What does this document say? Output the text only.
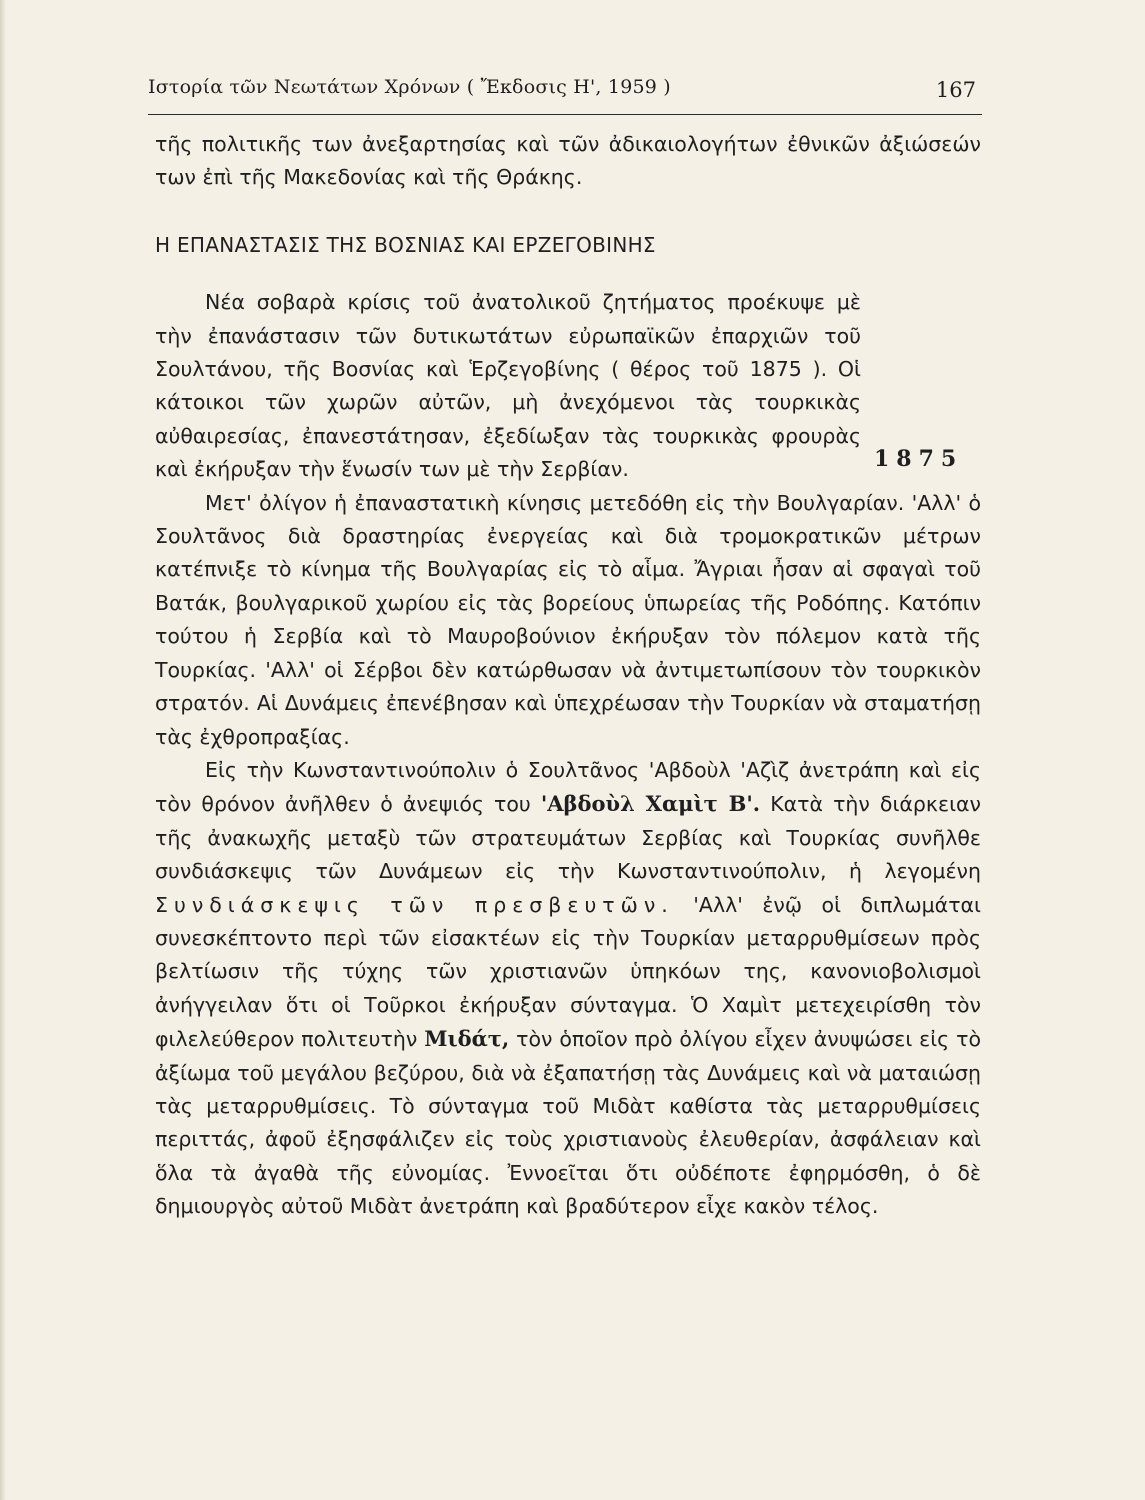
Ιστορία τῶν Νεωτάτων Χρόνων ( Ἔκδοσις Η', 1959 )	167
1875

τῆς πολιτικῆς των ἀνεξαρτησίας καὶ τῶν ἀδικαιολογήτων ἐθνικῶν ἀξιώσεών των ἐπὶ τῆς Μακεδονίας καὶ τῆς Θράκης.

Η ΕΠΑΝΑΣΤΑΣΙΣ ΤΗΣ ΒΟΣΝΙΑΣ ΚΑΙ ΕΡΖΕΓΟΒΙΝΗΣ

Νέα σοβαρὰ κρίσις τοῦ ἀνατολικοῦ ζητήματος προέκυψε μὲ τὴν ἐπανάστασιν τῶν δυτικωτάτων εὐρωπαϊκῶν ἐπαρχιῶν τοῦ Σουλτάνου, τῆς Βοσνίας καὶ Ἑρζεγοβίνης ( θέρος τοῦ 1875 ). Οἱ κάτοικοι τῶν χωρῶν αὐτῶν, μὴ ἀνεχόμενοι τὰς τουρκικὰς αὐθαιρεσίας, ἐπανεστάτησαν, ἐξεδίωξαν τὰς τουρκικὰς φρουρὰς καὶ ἐκήρυξαν τὴν ἕνωσίν των μὲ τὴν Σερβίαν.

Μετ' ὀλίγον ἡ ἐπαναστατικὴ κίνησις μετεδόθη εἰς τὴν Βουλγαρίαν. 'Αλλ' ὁ Σουλτᾶνος διὰ δραστηρίας ἐνεργείας καὶ διὰ τρομοκρατικῶν μέτρων κατέπνιξε τὸ κίνημα τῆς Βουλγαρίας εἰς τὸ αἷμα. Ἄγριαι ἦσαν αἱ σφαγαὶ τοῦ Βατάκ, βουλγαρικοῦ χωρίου εἰς τὰς βορείους ὑπωρείας τῆς Ροδόπης. Κατόπιν τούτου ἡ Σερβία καὶ τὸ Μαυροβούνιον ἐκήρυξαν τὸν πόλεμον κατὰ τῆς Τουρκίας. 'Αλλ' οἱ Σέρβοι δὲν κατώρθωσαν νὰ ἀντιμετωπίσουν τὸν τουρκικὸν στρατόν. Αἱ Δυνάμεις ἐπενέβησαν καὶ ὑπεχρέωσαν τὴν Τουρκίαν νὰ σταματήσῃ τὰς ἐχθροπραξίας.

Εἰς τὴν Κωνσταντινούπολιν ὁ Σουλτᾶνος 'Αβδοὺλ 'Αζὶζ ἀνετράπη καὶ εἰς τὸν θρόνον ἀνῆλθεν ὁ ἀνεψιός του 'Αβδοὺλ Χαμὶτ Β'. Κατὰ τὴν διάρκειαν τῆς ἀνακωχῆς μεταξὺ τῶν στρατευμάτων Σερβίας καὶ Τουρκίας συνῆλθε συνδιάσκεψις τῶν Δυνάμεων εἰς τὴν Κωνσταντινούπολιν, ἡ λεγομένη Συνδιάσκεψις τῶν πρεσβευτῶν. 'Αλλ' ἐνῷ οἱ διπλωμάται συνεσκέπτοντο περὶ τῶν εἰσακτέων εἰς τὴν Τουρκίαν μεταρρυθμίσεων πρὸς βελτίωσιν τῆς τύχης τῶν χριστιανῶν ὑπηκόων της, κανονιοβολισμοὶ ἀνήγγειλαν ὅτι οἱ Τοῦρκοι ἐκήρυξαν σύνταγμα. Ὁ Χαμὶτ μετεχειρίσθη τὸν φιλελεύθερον πολιτευτὴν Μιδάτ, τὸν ὁποῖον πρὸ ὀλίγου εἶχεν ἀνυψώσει εἰς τὸ ἀξίωμα τοῦ μεγάλου βεζύρου, διὰ νὰ ἐξαπατήσῃ τὰς Δυνάμεις καὶ νὰ ματαιώσῃ τὰς μεταρρυθμίσεις. Τὸ σύνταγμα τοῦ Μιδὰτ καθίστα τὰς μεταρρυθμίσεις περιττάς, ἀφοῦ ἐξησφάλιζεν εἰς τοὺς χριστιανοὺς ἐλευθερίαν, ἀσφάλειαν καὶ ὅλα τὰ ἀγαθὰ τῆς εὐνομίας. Ἐννοεῖται ὅτι οὐδέποτε ἐφηρμόσθη, ὁ δὲ δημιουργὸς αὐτοῦ Μιδὰτ ἀνετράπη καὶ βραδύτερον εἶχε κακὸν τέλος.
